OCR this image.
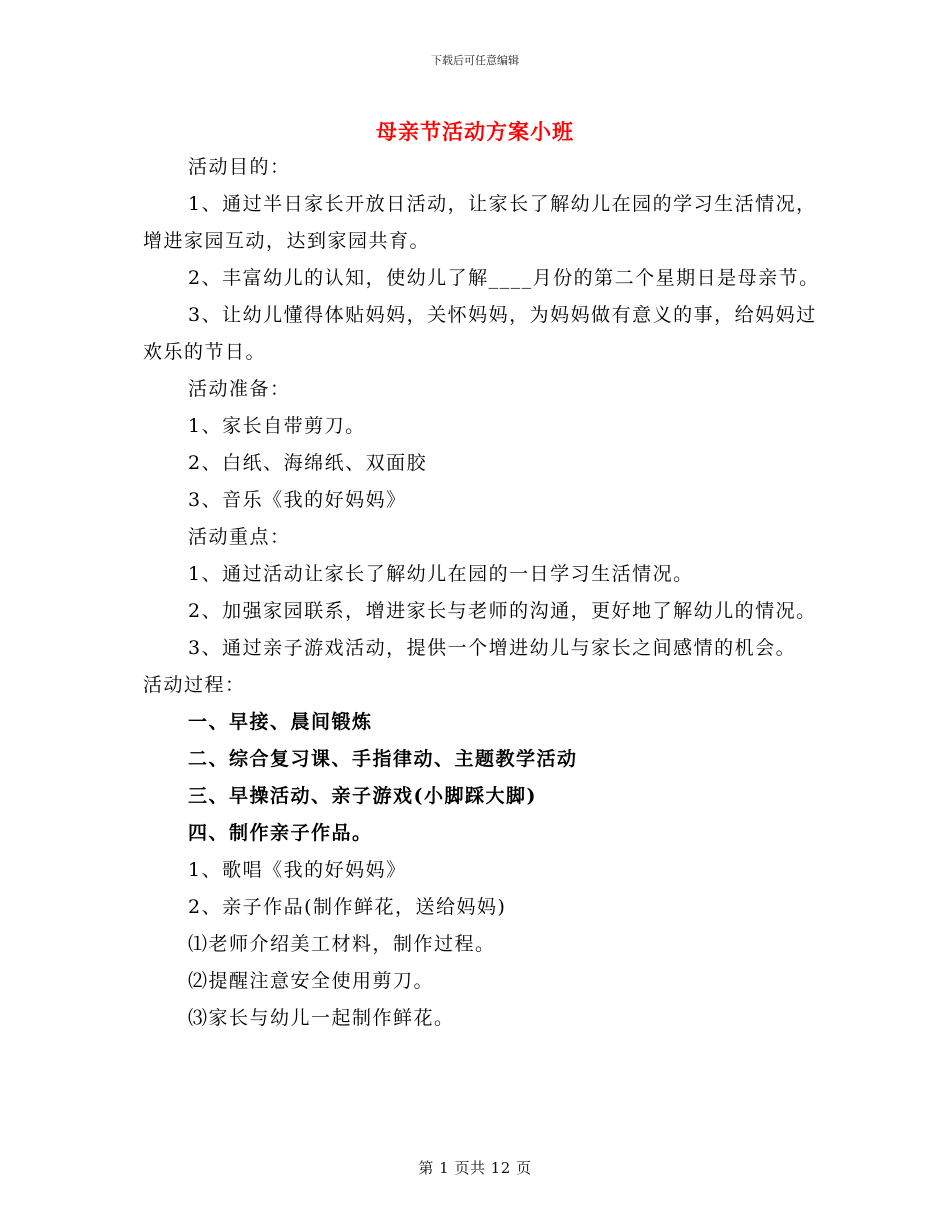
下载后可任意编辑
母亲节活动方案小班

活动目的：

1、通过半日家长开放日活动，让家长了解幼儿在园的学习生活情况，增进家园互动，达到家园共育。

2、丰富幼儿的认知，使幼儿了解____月份的第二个星期日是母亲节。

3、让幼儿懂得体贴妈妈，关怀妈妈，为妈妈做有意义的事，给妈妈过欢乐的节日。

活动准备：

1、家长自带剪刀。

2、白纸、海绵纸、双面胶

3、音乐《我的好妈妈》

活动重点：

1、通过活动让家长了解幼儿在园的一日学习生活情况。

2、加强家园联系，增进家长与老师的沟通，更好地了解幼儿的情况。

3、通过亲子游戏活动，提供一个增进幼儿与家长之间感情的机会。

活动过程：

一、早接、晨间锻炼

二、综合复习课、手指律动、主题教学活动

三、早操活动、亲子游戏(小脚踩大脚)

四、制作亲子作品。

1、歌唱《我的好妈妈》

2、亲子作品(制作鲜花，送给妈妈)

⑴老师介绍美工材料，制作过程。

⑵提醒注意安全使用剪刀。

⑶家长与幼儿一起制作鲜花。

第 1 页共 12 页
